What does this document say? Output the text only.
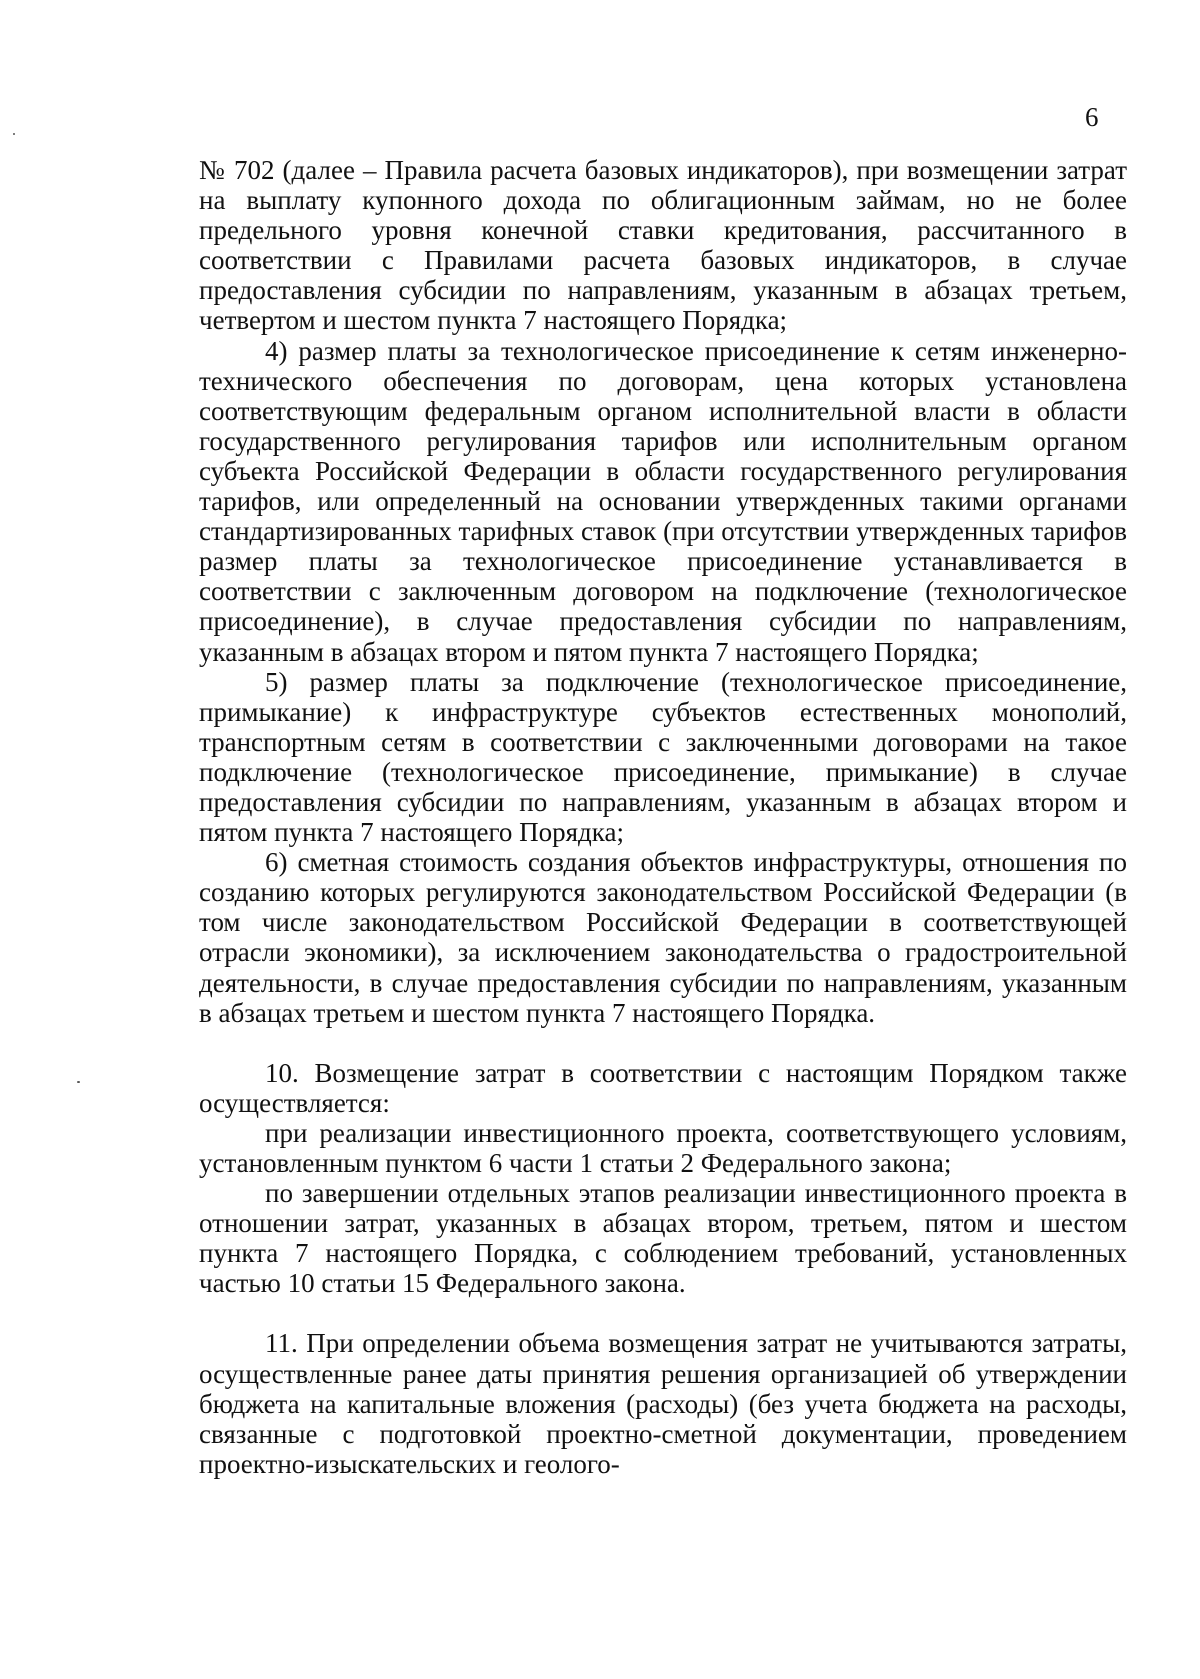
6

№ 702 (далее – Правила расчета базовых индикаторов), при возмещении затрат на выплату купонного дохода по облигационным займам, но не более предельного уровня конечной ставки кредитования, рассчитанного в соответствии с Правилами расчета базовых индикаторов, в случае предоставления субсидии по направлениям, указанным в абзацах третьем, четвертом и шестом пункта 7 настоящего Порядка;

4) размер платы за технологическое присоединение к сетям инженерно-технического обеспечения по договорам, цена которых установлена соответствующим федеральным органом исполнительной власти в области государственного регулирования тарифов или исполнительным органом субъекта Российской Федерации в области государственного регулирования тарифов, или определенный на основании утвержденных такими органами стандартизированных тарифных ставок (при отсутствии утвержденных тарифов размер платы за технологическое присоединение устанавливается в соответствии с заключенным договором на подключение (технологическое присоединение), в случае предоставления субсидии по направлениям, указанным в абзацах втором и пятом пункта 7 настоящего Порядка;

5) размер платы за подключение (технологическое присоединение, примыкание) к инфраструктуре субъектов естественных монополий, транспортным сетям в соответствии с заключенными договорами на такое подключение (технологическое присоединение, примыкание) в случае предоставления субсидии по направлениям, указанным в абзацах втором и пятом пункта 7 настоящего Порядка;

6) сметная стоимость создания объектов инфраструктуры, отношения по созданию которых регулируются законодательством Российской Федерации (в том числе законодательством Российской Федерации в соответствующей отрасли экономики), за исключением законодательства о градостроительной деятельности, в случае предоставления субсидии по направлениям, указанным в абзацах третьем и шестом пункта 7 настоящего Порядка.

10. Возмещение затрат в соответствии с настоящим Порядком также осуществляется:

при реализации инвестиционного проекта, соответствующего условиям, установленным пунктом 6 части 1 статьи 2 Федерального закона;

по завершении отдельных этапов реализации инвестиционного проекта в отношении затрат, указанных в абзацах втором, третьем, пятом и шестом пункта 7 настоящего Порядка, с соблюдением требований, установленных частью 10 статьи 15 Федерального закона.

11. При определении объема возмещения затрат не учитываются затраты, осуществленные ранее даты принятия решения организацией об утверждении бюджета на капитальные вложения (расходы) (без учета бюджета на расходы, связанные с подготовкой проектно-сметной документации, проведением проектно-изыскательских и геолого-
